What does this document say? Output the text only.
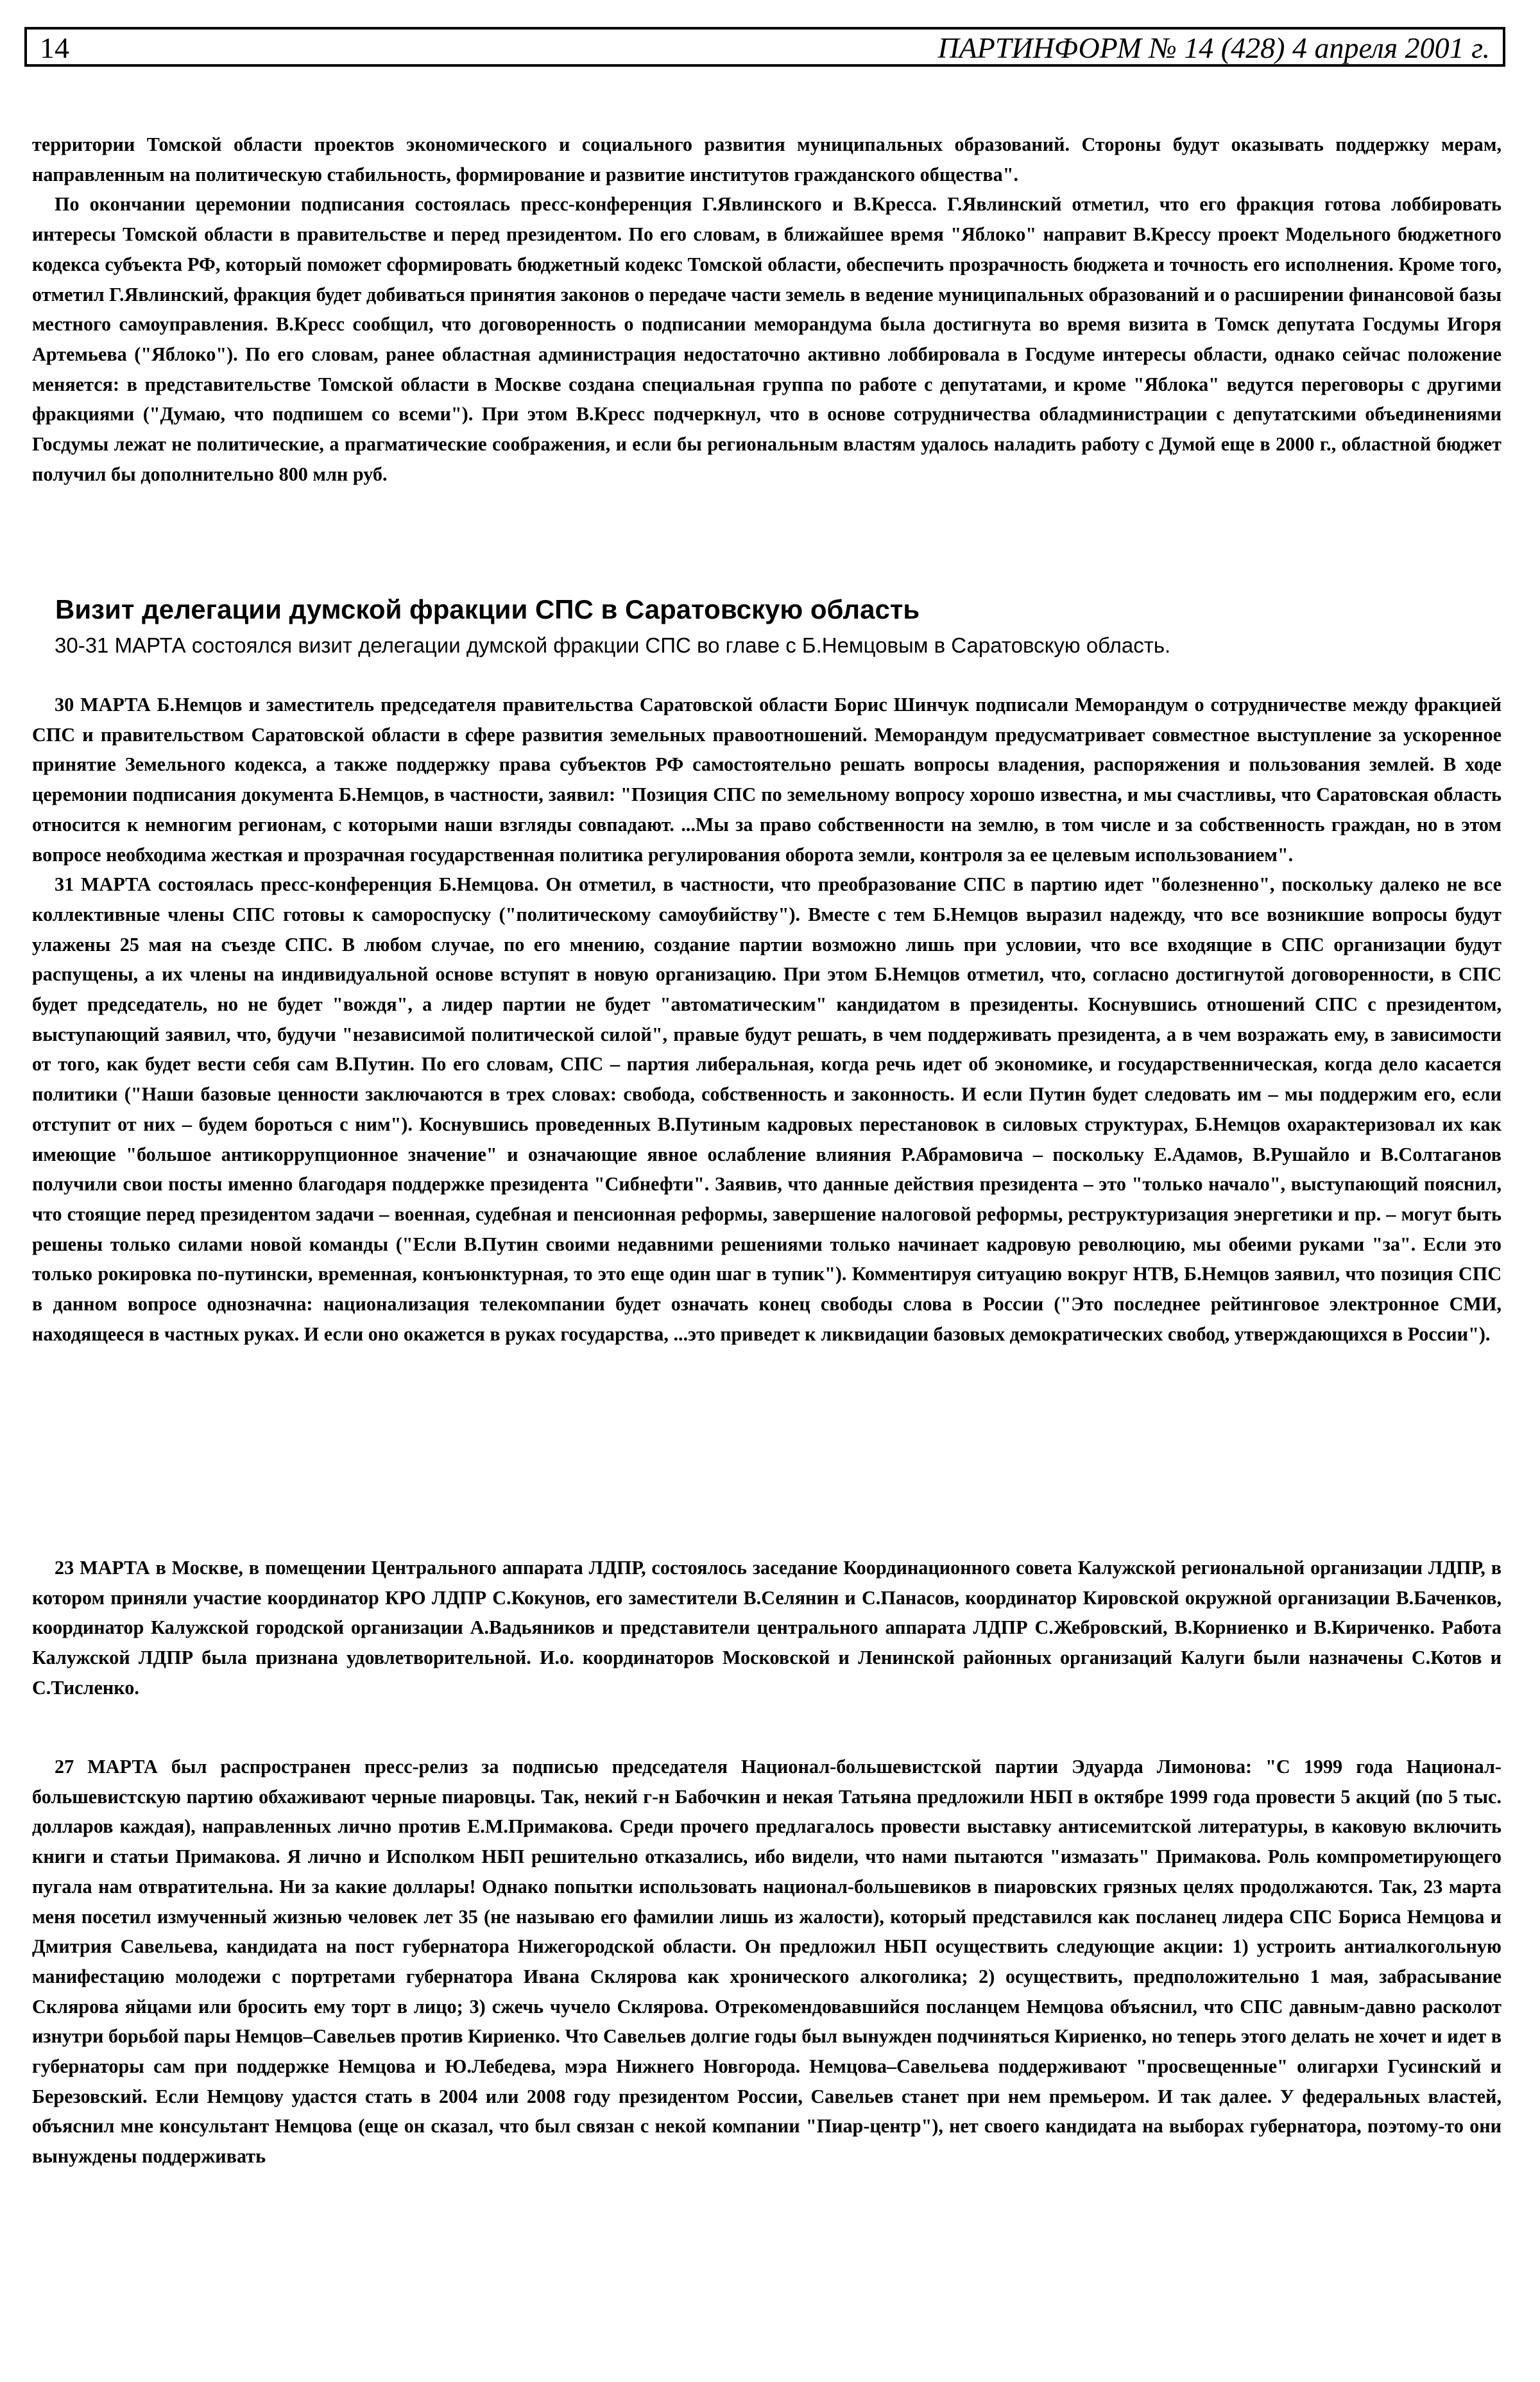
14	ПАРТИНФОРМ № 14 (428) 4 апреля 2001 г.

территории Томской области проектов экономического и социального развития муниципальных образований. Стороны будут оказывать поддержку мерам, направленным на политическую стабильность, формирование и развитие институтов гражданского общества".

По окончании церемонии подписания состоялась пресс-конференция Г.Явлинского и В.Кресса. Г.Явлинский отметил, что его фракция готова лоббировать интересы Томской области в правительстве и перед президентом. По его словам, в ближайшее время "Яблоко" направит В.Крессу проект Модельного бюджетного кодекса субъекта РФ, который поможет сформировать бюджетный кодекс Томской области, обеспечить прозрачность бюджета и точность его исполнения. Кроме того, отметил Г.Явлинский, фракция будет добиваться принятия законов о передаче части земель в ведение муниципальных образований и о расширении финансовой базы местного самоуправления. В.Кресс сообщил, что договоренность о подписании меморандума была достигнута во время визита в Томск депутата Госдумы Игоря Артемьева ("Яблоко"). По его словам, ранее областная администрация недостаточно активно лоббировала в Госдуме интересы области, однако сейчас положение меняется: в представительстве Томской области в Москве создана специальная группа по работе с депутатами, и кроме "Яблока" ведутся переговоры с другими фракциями ("Думаю, что подпишем со всеми"). При этом В.Кресс подчеркнул, что в основе сотрудничества обладминистрации с депутатскими объединениями Госдумы лежат не политические, а прагматические соображения, и если бы региональным властям удалось наладить работу с Думой еще в 2000 г., областной бюджет получил бы дополнительно 800 млн руб.

Визит делегации думской фракции СПС в Саратовскую область

30-31 МАРТА состоялся визит делегации думской фракции СПС во главе с Б.Немцовым в Саратовскую область.

30 МАРТА Б.Немцов и заместитель председателя правительства Саратовской области Борис Шинчук подписали Меморандум о сотрудничестве между фракцией СПС и правительством Саратовской области в сфере развития земельных правоотношений. Меморандум предусматривает совместное выступление за ускоренное принятие Земельного кодекса, а также поддержку права субъектов РФ самостоятельно решать вопросы владения, распоряжения и пользования землей. В ходе церемонии подписания документа Б.Немцов, в частности, заявил: "Позиция СПС по земельному вопросу хорошо известна, и мы счастливы, что Саратовская область относится к немногим регионам, с которыми наши взгляды совпадают. ...Мы за право собственности на землю, в том числе и за собственность граждан, но в этом вопросе необходима жесткая и прозрачная государственная политика регулирования оборота земли, контроля за ее целевым использованием".

31 МАРТА состоялась пресс-конференция Б.Немцова. Он отметил, в частности, что преобразование СПС в партию идет "болезненно", поскольку далеко не все коллективные члены СПС готовы к самороспуску ("политическому самоубийству"). Вместе с тем Б.Немцов выразил надежду, что все возникшие вопросы будут улажены 25 мая на съезде СПС. В любом случае, по его мнению, создание партии возможно лишь при условии, что все входящие в СПС организации будут распущены, а их члены на индивидуальной основе вступят в новую организацию. При этом Б.Немцов отметил, что, согласно достигнутой договоренности, в СПС будет председатель, но не будет "вождя", а лидер партии не будет "автоматическим" кандидатом в президенты. Коснувшись отношений СПС с президентом, выступающий заявил, что, будучи "независимой политической силой", правые будут решать, в чем поддерживать президента, а в чем возражать ему, в зависимости от того, как будет вести себя сам В.Путин. По его словам, СПС – партия либеральная, когда речь идет об экономике, и государственническая, когда дело касается политики ("Наши базовые ценности заключаются в трех словах: свобода, собственность и законность. И если Путин будет следовать им – мы поддержим его, если отступит от них – будем бороться с ним"). Коснувшись проведенных В.Путиным кадровых перестановок в силовых структурах, Б.Немцов охарактеризовал их как имеющие "большое антикоррупционное значение" и означающие явное ослабление влияния Р.Абрамовича – поскольку Е.Адамов, В.Рушайло и В.Солтаганов получили свои посты именно благодаря поддержке президента "Сибнефти". Заявив, что данные действия президента – это "только начало", выступающий пояснил, что стоящие перед президентом задачи – военная, судебная и пенсионная реформы, завершение налоговой реформы, реструктуризация энергетики и пр. – могут быть решены только силами новой команды ("Если В.Путин своими недавними решениями только начинает кадровую революцию, мы обеими руками "за". Если это только рокировка по-путински, временная, конъюнктурная, то это еще один шаг в тупик"). Комментируя ситуацию вокруг НТВ, Б.Немцов заявил, что позиция СПС в данном вопросе однозначна: национализация телекомпании будет означать конец свободы слова в России ("Это последнее рейтинговое электронное СМИ, находящееся в частных руках. И если оно окажется в руках государства, ...это приведет к ликвидации базовых демократических свобод, утверждающихся в России").

23 МАРТА в Москве, в помещении Центрального аппарата ЛДПР, состоялось заседание Координационного совета Калужской региональной организации ЛДПР, в котором приняли участие координатор КРО ЛДПР С.Кокунов, его заместители В.Селянин и С.Панасов, координатор Кировской окружной организации В.Баченков, координатор Калужской городской организации А.Вадьяников и представители центрального аппарата ЛДПР С.Жебровский, В.Корниенко и В.Кириченко. Работа Калужской ЛДПР была признана удовлетворительной. И.о. координаторов Московской и Ленинской районных организаций Калуги были назначены С.Котов и С.Тисленко.

27 МАРТА был распространен пресс-релиз за подписью председателя Национал-большевистской партии Эдуарда Лимонова: "С 1999 года Национал-большевистскую партию обхаживают черные пиаровцы. Так, некий г-н Бабочкин и некая Татьяна предложили НБП в октябре 1999 года провести 5 акций (по 5 тыс. долларов каждая), направленных лично против Е.М.Примакова. Среди прочего предлагалось провести выставку антисемитской литературы, в каковую включить книги и статьи Примакова. Я лично и Исполком НБП решительно отказались, ибо видели, что нами пытаются "измазать" Примакова. Роль компрометирующего пугала нам отвратительна. Ни за какие доллары! Однако попытки использовать национал-большевиков в пиаровских грязных целях продолжаются. Так, 23 марта меня посетил измученный жизнью человек лет 35 (не называю его фамилии лишь из жалости), который представился как посланец лидера СПС Бориса Немцова и Дмитрия Савельева, кандидата на пост губернатора Нижегородской области. Он предложил НБП осуществить следующие акции: 1) устроить антиалкогольную манифестацию молодежи с портретами губернатора Ивана Склярова как хронического алкоголика; 2) осуществить, предположительно 1 мая, забрасывание Склярова яйцами или бросить ему торт в лицо; 3) сжечь чучело Склярова. Отрекомендовавшийся посланцем Немцова объяснил, что СПС давным-давно расколот изнутри борьбой пары Немцов–Савельев против Кириенко. Что Савельев долгие годы был вынужден подчиняться Кириенко, но теперь этого делать не хочет и идет в губернаторы сам при поддержке Немцова и Ю.Лебедева, мэра Нижнего Новгорода. Немцова–Савельева поддерживают "просвещенные" олигархи Гусинский и Березовский. Если Немцову удастся стать в 2004 или 2008 году президентом России, Савельев станет при нем премьером. И так далее. У федеральных властей, объяснил мне консультант Немцова (еще он сказал, что был связан с некой компании "Пиар-центр"), нет своего кандидата на выборах губернатора, поэтому-то они вынуждены поддерживать
